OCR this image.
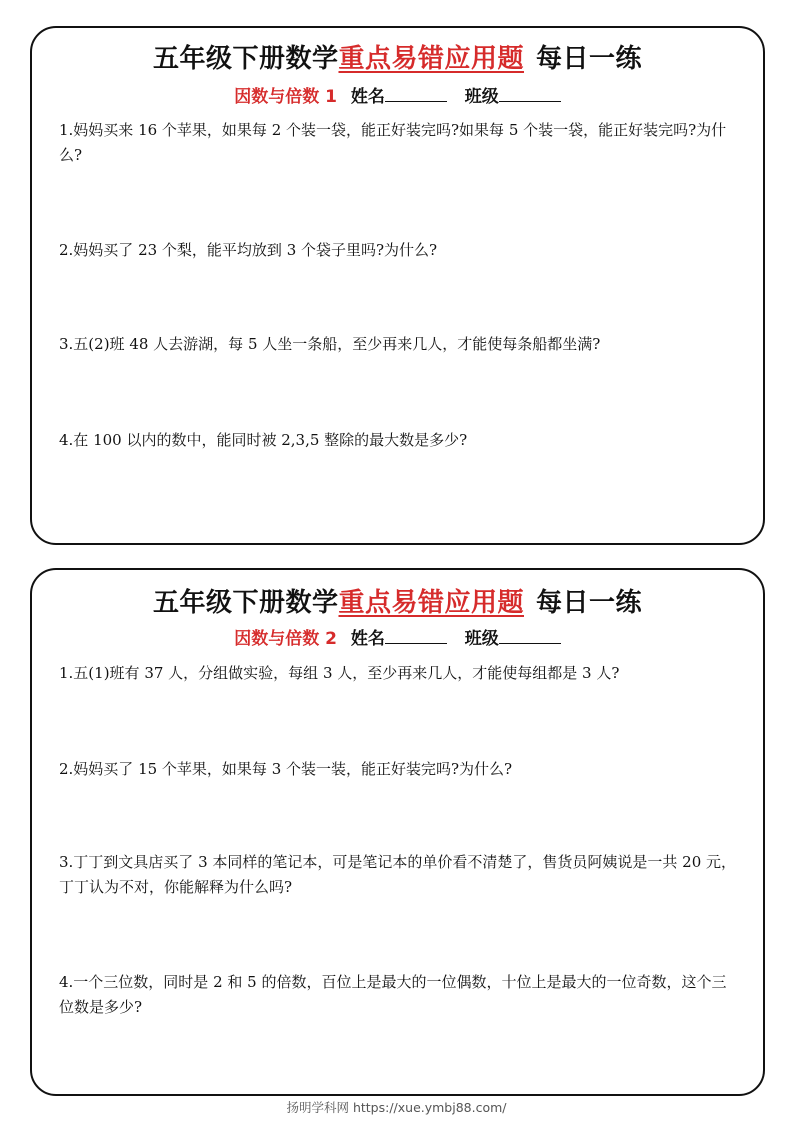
五年级下册数学重点易错应用题 每日一练
因数与倍数 1 姓名	班级
1.妈妈买来 16 个苹果，如果每 2 个装一袋，能正好装完吗?如果每 5 个装一袋，能正好装完吗?为什么?
2.妈妈买了 23 个梨，能平均放到 3 个袋子里吗?为什么?
3.五(2)班 48 人去游湖，每 5 人坐一条船，至少再来几人，才能使每条船都坐满?
4.在 100 以内的数中，能同时被 2,3,5 整除的最大数是多少?
五年级下册数学重点易错应用题 每日一练
因数与倍数 2 姓名	班级
1.五(1)班有 37 人，分组做实验，每组 3 人，至少再来几人，才能使每组都是 3 人?
2.妈妈买了 15 个苹果，如果每 3 个装一装，能正好装完吗?为什么?
3.丁丁到文具店买了 3 本同样的笔记本，可是笔记本的单价看不清楚了，售货员阿姨说是一共 20 元，丁丁认为不对，你能解释为什么吗?
4.一个三位数，同时是 2 和 5 的倍数，百位上是最大的一位偶数，十位上是最大的一位奇数，这个三位数是多少?
扬明学科网 https://xue.ymbj88.com/
